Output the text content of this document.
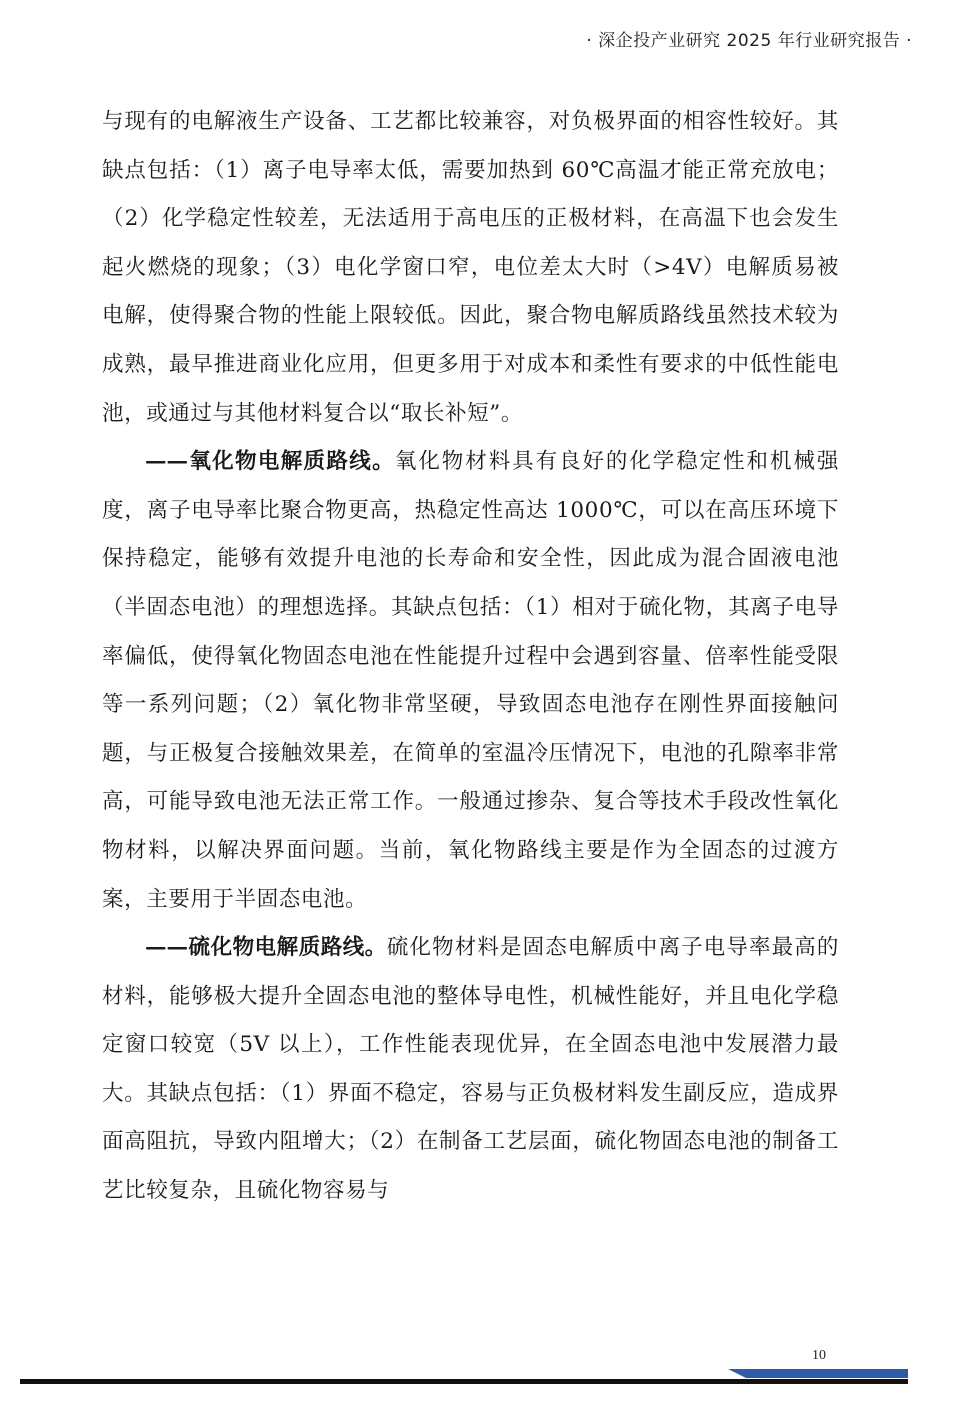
· 深企投产业研究 2025 年行业研究报告 ·

与现有的电解液生产设备、工艺都比较兼容，对负极界面的相容性较好。其缺点包括：（1）离子电导率太低，需要加热到 60℃高温才能正常充放电；（2）化学稳定性较差，无法适用于高电压的正极材料，在高温下也会发生起火燃烧的现象；（3）电化学窗口窄，电位差太大时（>4V）电解质易被电解，使得聚合物的性能上限较低。因此，聚合物电解质路线虽然技术较为成熟，最早推进商业化应用，但更多用于对成本和柔性有要求的中低性能电池，或通过与其他材料复合以“取长补短”。

——氧化物电解质路线。氧化物材料具有良好的化学稳定性和机械强度，离子电导率比聚合物更高，热稳定性高达 1000℃，可以在高压环境下保持稳定，能够有效提升电池的长寿命和安全性，因此成为混合固液电池（半固态电池）的理想选择。其缺点包括：（1）相对于硫化物，其离子电导率偏低，使得氧化物固态电池在性能提升过程中会遇到容量、倍率性能受限等一系列问题；（2）氧化物非常坚硬，导致固态电池存在刚性界面接触问题，与正极复合接触效果差，在简单的室温冷压情况下，电池的孔隙率非常高，可能导致电池无法正常工作。一般通过掺杂、复合等技术手段改性氧化物材料，以解决界面问题。当前，氧化物路线主要是作为全固态的过渡方案，主要用于半固态电池。

——硫化物电解质路线。硫化物材料是固态电解质中离子电导率最高的材料，能够极大提升全固态电池的整体导电性，机械性能好，并且电化学稳定窗口较宽（5V 以上），工作性能表现优异，在全固态电池中发展潜力最大。其缺点包括：（1）界面不稳定，容易与正负极材料发生副反应，造成界面高阻抗，导致内阻增大；（2）在制备工艺层面，硫化物固态电池的制备工艺比较复杂，且硫化物容易与

10
